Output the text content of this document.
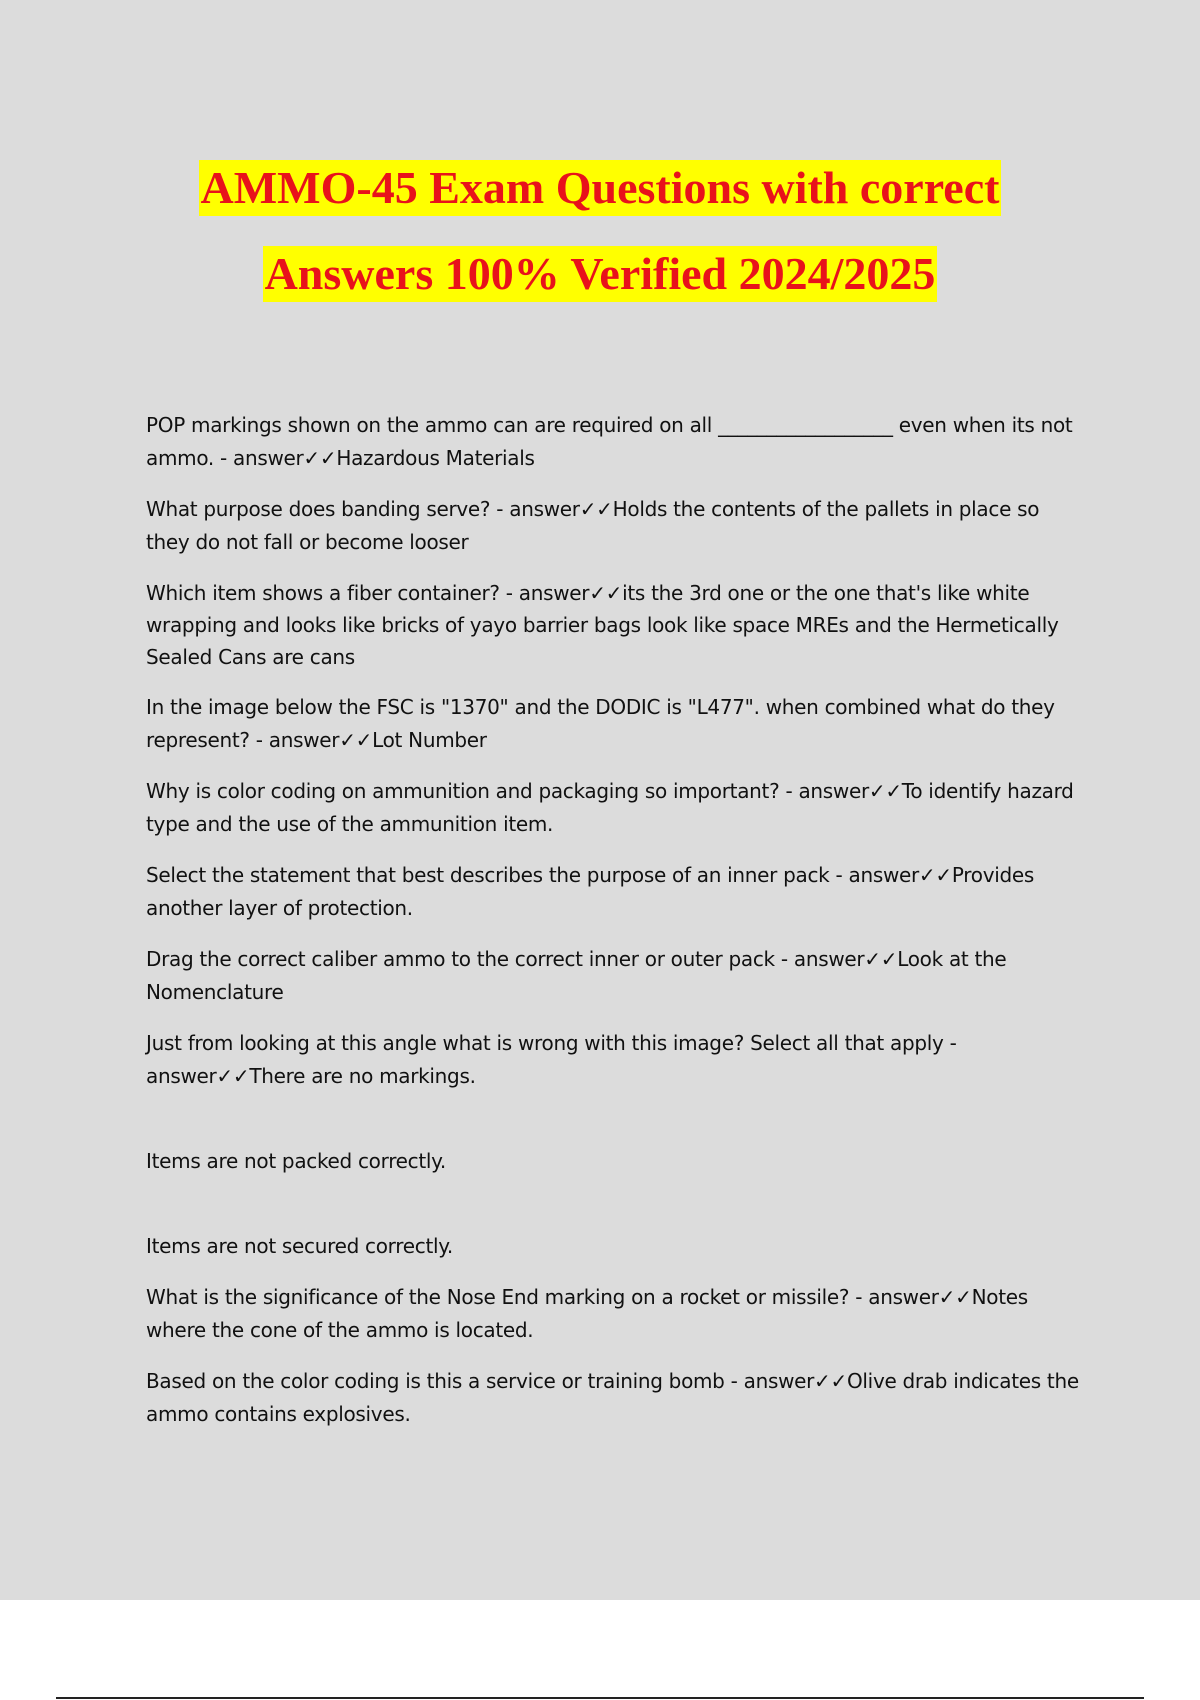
AMMO-45 Exam Questions with correct
Answers 100% Verified 2024/2025

POP markings shown on the ammo can are required on all __________________ even when its not ammo. - answer✓✓Hazardous Materials

What purpose does banding serve? - answer✓✓Holds the contents of the pallets in place so they do not fall or become looser

Which item shows a fiber container? - answer✓✓its the 3rd one or the one that's like white wrapping and looks like bricks of yayo barrier bags look like space MREs and the Hermetically Sealed Cans are cans

In the image below the FSC is "1370" and the DODIC is "L477". when combined what do they represent? - answer✓✓Lot Number

Why is color coding on ammunition and packaging so important? - answer✓✓To identify hazard type and the use of the ammunition item.

Select the statement that best describes the purpose of an inner pack - answer✓✓Provides another layer of protection.

Drag the correct caliber ammo to the correct inner or outer pack - answer✓✓Look at the Nomenclature

Just from looking at this angle what is wrong with this image? Select all that apply - answer✓✓There are no markings.

Items are not packed correctly.

Items are not secured correctly.

What is the significance of the Nose End marking on a rocket or missile? - answer✓✓Notes where the cone of the ammo is located.

Based on the color coding is this a service or training bomb - answer✓✓Olive drab indicates the ammo contains explosives.
